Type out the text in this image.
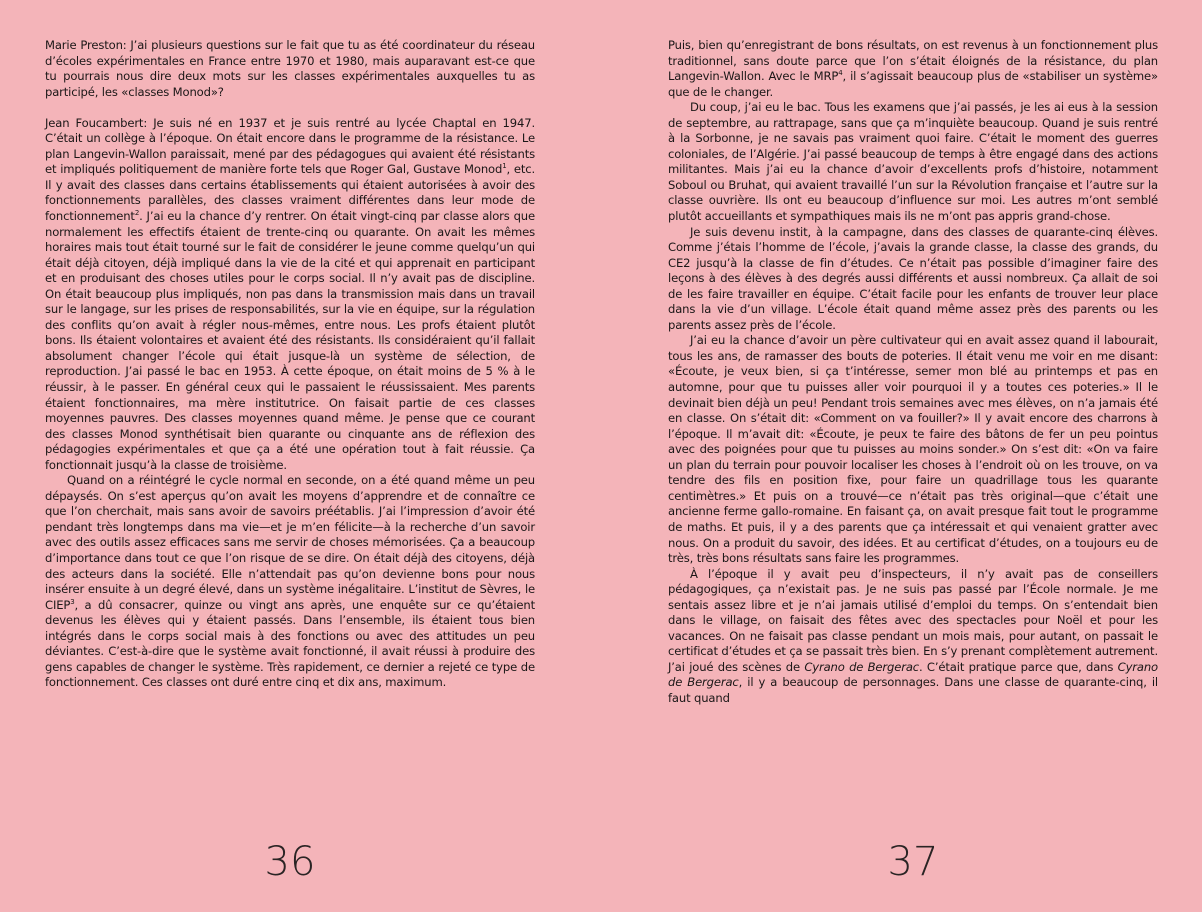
Marie Preston: J’ai plusieurs questions sur le fait que tu as été coordinateur du réseau d’écoles expérimentales en France entre 1970 et 1980, mais auparavant est-ce que tu pourrais nous dire deux mots sur les classes expérimentales auxquelles tu as participé, les «classes Monod»?

Jean Foucambert: Je suis né en 1937 et je suis rentré au lycée Chaptal en 1947. C’était un collège à l’époque. On était encore dans le programme de la résistance. Le plan Langevin-Wallon paraissait, mené par des pédagogues qui avaient été résistants et impliqués politiquement de manière forte tels que Roger Gal, Gustave Monod$^1$, etc. Il y avait des classes dans certains établissements qui étaient autorisées à avoir des fonctionnements parallèles, des classes vraiment différentes dans leur mode de fonctionnement$^2$. J’ai eu la chance d’y rentrer. On était vingt-cinq par classe alors que normalement les effectifs étaient de trente-cinq ou quarante. On avait les mêmes horaires mais tout était tourné sur le fait de considérer le jeune comme quelqu’un qui était déjà citoyen, déjà impliqué dans la vie de la cité et qui apprenait en participant et en produisant des choses utiles pour le corps social. Il n’y avait pas de discipline. On était beaucoup plus impliqués, non pas dans la transmission mais dans un travail sur le langage, sur les prises de responsabilités, sur la vie en équipe, sur la régulation des conflits qu’on avait à régler nous-mêmes, entre nous. Les profs étaient plutôt bons. Ils étaient volontaires et avaient été des résistants. Ils considéraient qu’il fallait absolument changer l’école qui était jusque-là un système de sélection, de reproduction. J’ai passé le bac en 1953. À cette époque, on était moins de 5 % à le réussir, à le passer. En général ceux qui le passaient le réussissaient. Mes parents étaient fonctionnaires, ma mère institutrice. On faisait partie de ces classes moyennes pauvres. Des classes moyennes quand même. Je pense que ce courant des classes Monod synthétisait bien quarante ou cinquante ans de réflexion des pédagogies expérimentales et que ça a été une opération tout à fait réussie. Ça fonctionnait jusqu’à la classe de troisième.

Quand on a réintégré le cycle normal en seconde, on a été quand même un peu dépaysés. On s’est aperçus qu’on avait les moyens d’apprendre et de connaître ce que l’on cherchait, mais sans avoir de savoirs préétablis. J’ai l’impression d’avoir été pendant très longtemps dans ma vie—et je m’en félicite—à la recherche d’un savoir avec des outils assez efficaces sans me servir de choses mémorisées. Ça a beaucoup d’importance dans tout ce que l’on risque de se dire. On était déjà des citoyens, déjà des acteurs dans la société. Elle n’attendait pas qu’on devienne bons pour nous insérer ensuite à un degré élevé, dans un système inégalitaire. L’institut de Sèvres, le CIEP$^3$, a dû consacrer, quinze ou vingt ans après, une enquête sur ce qu’étaient devenus les élèves qui y étaient passés. Dans l’ensemble, ils étaient tous bien intégrés dans le corps social mais à des fonctions ou avec des attitudes un peu déviantes. C’est-à-dire que le système avait fonctionné, il avait réussi à produire des gens capables de changer le système. Très rapidement, ce dernier a rejeté ce type de fonctionnement. Ces classes ont duré entre cinq et dix ans, maximum.

36

Puis, bien qu’enregistrant de bons résultats, on est revenus à un fonctionnement plus traditionnel, sans doute parce que l’on s’était éloignés de la résistance, du plan Langevin-Wallon. Avec le MRP$^4$, il s’agissait beaucoup plus de «stabiliser un système» que de le changer.

Du coup, j’ai eu le bac. Tous les examens que j’ai passés, je les ai eus à la session de septembre, au rattrapage, sans que ça m’inquiète beaucoup. Quand je suis rentré à la Sorbonne, je ne savais pas vraiment quoi faire. C’était le moment des guerres coloniales, de l’Algérie. J’ai passé beaucoup de temps à être engagé dans des actions militantes. Mais j’ai eu la chance d’avoir d’excellents profs d’histoire, notamment Soboul ou Bruhat, qui avaient travaillé l’un sur la Révolution française et l’autre sur la classe ouvrière. Ils ont eu beaucoup d’influence sur moi. Les autres m’ont semblé plutôt accueillants et sympathiques mais ils ne m’ont pas appris grand-chose.

Je suis devenu instit, à la campagne, dans des classes de quarante-cinq élèves. Comme j’étais l’homme de l’école, j’avais la grande classe, la classe des grands, du CE2 jusqu’à la classe de fin d’études. Ce n’était pas possible d’imaginer faire des leçons à des élèves à des degrés aussi différents et aussi nombreux. Ça allait de soi de les faire travailler en équipe. C’était facile pour les enfants de trouver leur place dans la vie d’un village. L’école était quand même assez près des parents ou les parents assez près de l’école.

J’ai eu la chance d’avoir un père cultivateur qui en avait assez quand il labourait, tous les ans, de ramasser des bouts de poteries. Il était venu me voir en me disant: «Écoute, je veux bien, si ça t’intéresse, semer mon blé au printemps et pas en automne, pour que tu puisses aller voir pourquoi il y a toutes ces poteries.» Il le devinait bien déjà un peu! Pendant trois semaines avec mes élèves, on n’a jamais été en classe. On s’était dit: «Comment on va fouiller?» Il y avait encore des charrons à l’époque. Il m’avait dit: «Écoute, je peux te faire des bâtons de fer un peu pointus avec des poignées pour que tu puisses au moins sonder.» On s’est dit: «On va faire un plan du terrain pour pouvoir localiser les choses à l’endroit où on les trouve, on va tendre des fils en position fixe, pour faire un quadrillage tous les quarante centimètres.» Et puis on a trouvé—ce n’était pas très original—que c’était une ancienne ferme gallo-romaine. En faisant ça, on avait presque fait tout le programme de maths. Et puis, il y a des parents que ça intéressait et qui venaient gratter avec nous. On a produit du savoir, des idées. Et au certificat d’études, on a toujours eu de très, très bons résultats sans faire les programmes.

À l’époque il y avait peu d’inspecteurs, il n’y avait pas de conseillers pédagogiques, ça n’existait pas. Je ne suis pas passé par l’École normale. Je me sentais assez libre et je n’ai jamais utilisé d’emploi du temps. On s’entendait bien dans le village, on faisait des fêtes avec des spectacles pour Noël et pour les vacances. On ne faisait pas classe pendant un mois mais, pour autant, on passait le certificat d’études et ça se passait très bien. En s’y prenant complètement autrement. J’ai joué des scènes de Cyrano de Bergerac. C’était pratique parce que, dans Cyrano de Bergerac, il y a beaucoup de personnages. Dans une classe de quarante-cinq, il faut quand

37
